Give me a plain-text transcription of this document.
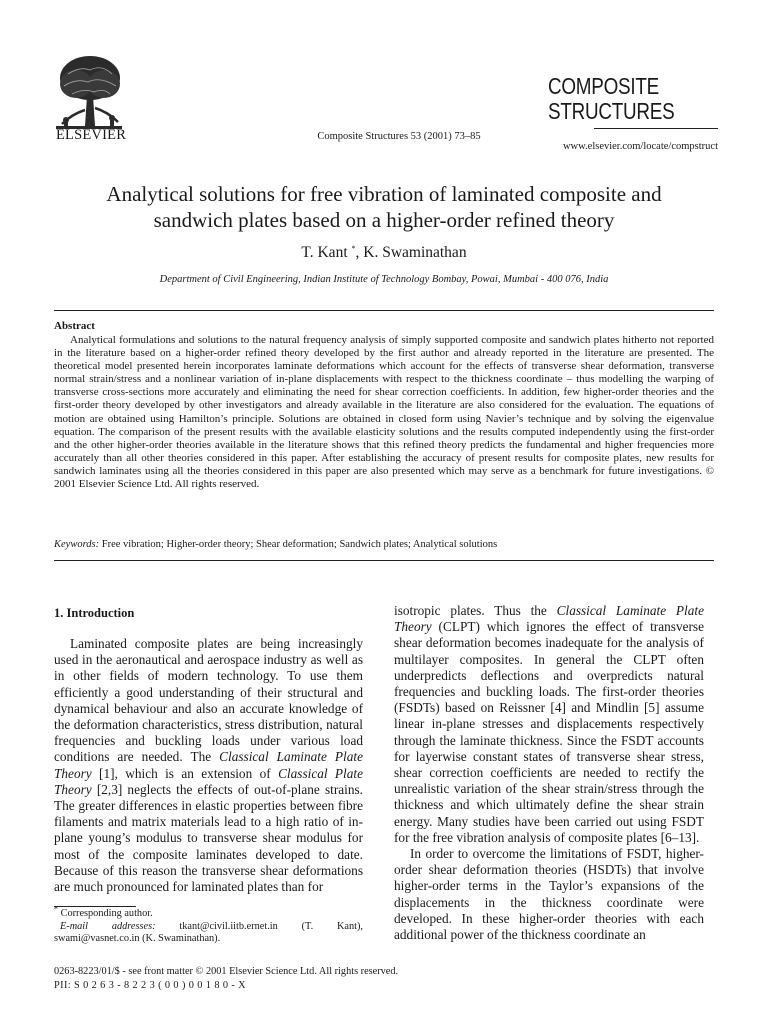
ELSEVIER	Composite Structures 53 (2001) 73–85
COMPOSITE
STRUCTURES
www.elsevier.com/locate/compstruct
Analytical solutions for free vibration of laminated composite and
sandwich plates based on a higher-order refined theory
T. Kant *, K. Swaminathan
Department of Civil Engineering, Indian Institute of Technology Bombay, Powai, Mumbai - 400 076, India
Abstract

Analytical formulations and solutions to the natural frequency analysis of simply supported composite and sandwich plates hitherto not reported in the literature based on a higher-order refined theory developed by the first author and already reported in the literature are presented. The theoretical model presented herein incorporates laminate deformations which account for the effects of transverse shear deformation, transverse normal strain/stress and a nonlinear variation of in-plane displacements with respect to the thickness coordinate – thus modelling the warping of transverse cross-sections more accurately and eliminating the need for shear correction coefficients. In addition, few higher-order theories and the first-order theory developed by other investigators and already available in the literature are also considered for the evaluation. The equations of motion are obtained using Hamilton’s principle. Solutions are obtained in closed form using Navier’s technique and by solving the eigenvalue equation. The comparison of the present results with the available elasticity solutions and the results computed independently using the first-order and the other higher-order theories available in the literature shows that this refined theory predicts the fundamental and higher frequencies more accurately than all other theories considered in this paper. After establishing the accuracy of present results for composite plates, new results for sandwich laminates using all the theories considered in this paper are also presented which may serve as a benchmark for future investigations. © 2001 Elsevier Science Ltd. All rights reserved.

Keywords: Free vibration; Higher-order theory; Shear deformation; Sandwich plates; Analytical solutions
1. Introduction

Laminated composite plates are being increasingly used in the aeronautical and aerospace industry as well as in other fields of modern technology. To use them efficiently a good understanding of their structural and dynamical behaviour and also an accurate knowledge of the deformation characteristics, stress distribution, natural frequencies and buckling loads under various load conditions are needed. The Classical Laminate Plate Theory [1], which is an extension of Classical Plate Theory [2,3] neglects the effects of out-of-plane strains. The greater differences in elastic properties between fibre filaments and matrix materials lead to a high ratio of in-plane young’s modulus to transverse shear modulus for most of the composite laminates developed to date. Because of this reason the transverse shear deformations are much pronounced for laminated plates than for

isotropic plates. Thus the Classical Laminate Plate Theory (CLPT) which ignores the effect of transverse shear deformation becomes inadequate for the analysis of multilayer composites. In general the CLPT often underpredicts deflections and overpredicts natural frequencies and buckling loads. The first-order theories (FSDTs) based on Reissner [4] and Mindlin [5] assume linear in-plane stresses and displacements respectively through the laminate thickness. Since the FSDT accounts for layerwise constant states of transverse shear stress, shear correction coefficients are needed to rectify the unrealistic variation of the shear strain/stress through the thickness and which ultimately define the shear strain energy. Many studies have been carried out using FSDT for the free vibration analysis of composite plates [6–13].

In order to overcome the limitations of FSDT, higher-order shear deformation theories (HSDTs) that involve higher-order terms in the Taylor’s expansions of the displacements in the thickness coordinate were developed. In these higher-order theories with each additional power of the thickness coordinate an

* Corresponding author.

E-mail addresses: tkant@civil.iitb.ernet.in (T. Kant), swami@vasnet.co.in (K. Swaminathan).

0263-8223/01/$ - see front matter © 2001 Elsevier Science Ltd. All rights reserved.
PII: S 0 2 6 3 - 8 2 2 3 ( 0 0 ) 0 0 1 8 0 - X
